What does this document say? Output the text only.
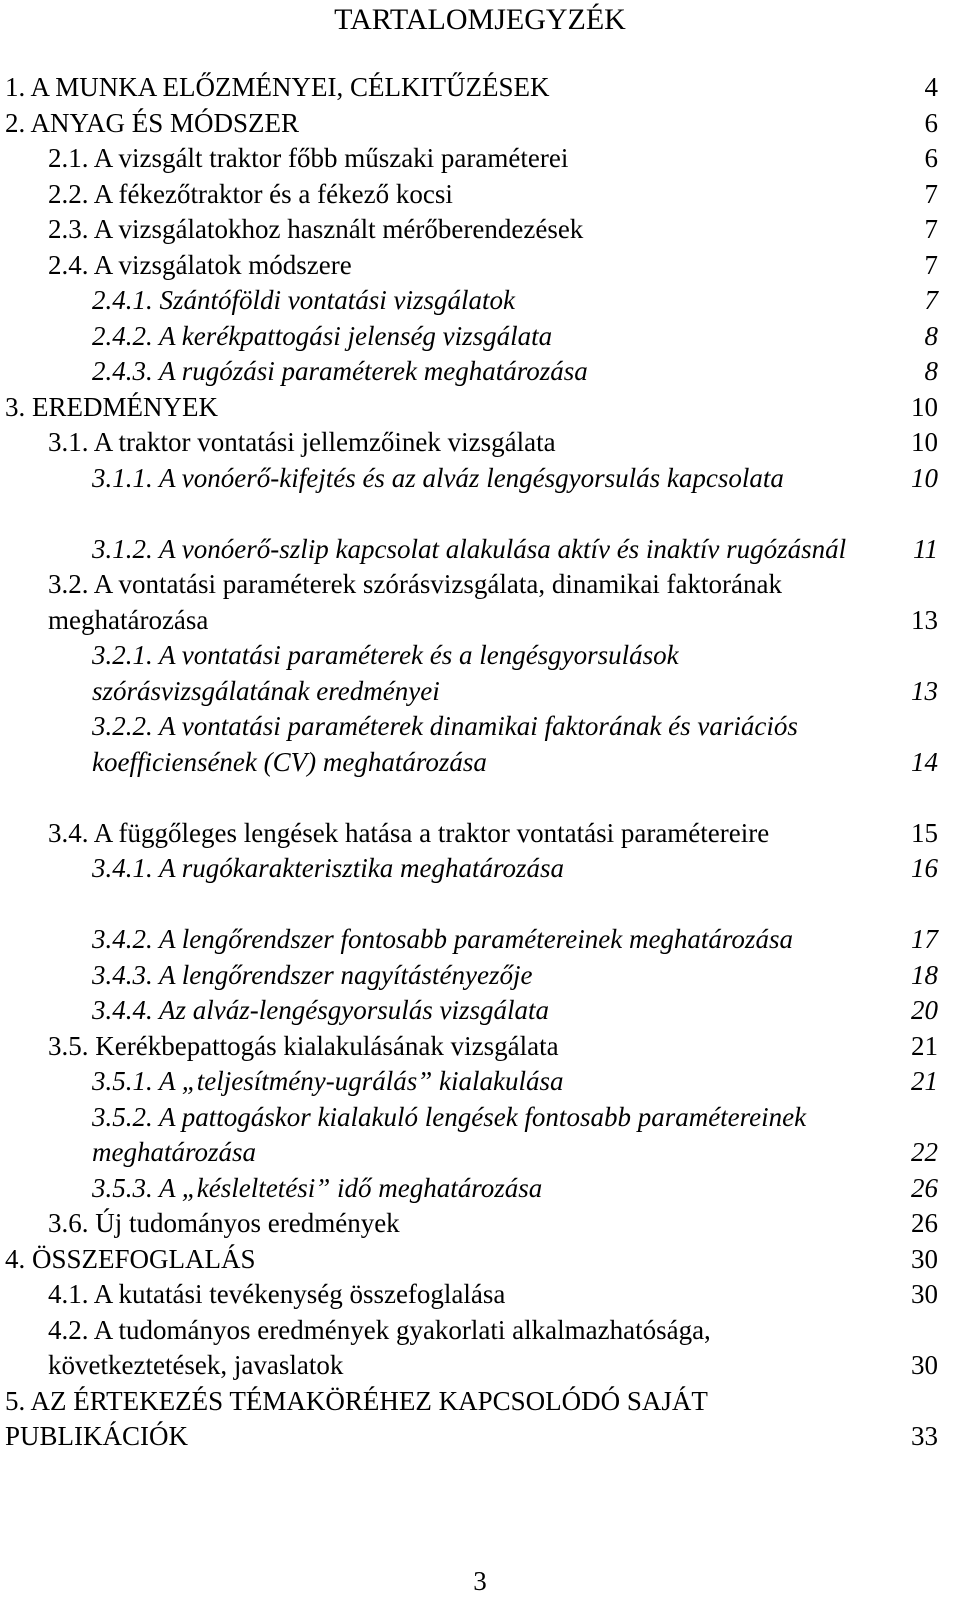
TARTALOMJEGYZÉK
1. A MUNKA ELŐZMÉNYEI, CÉLKITŰZÉSEK	4
2. ANYAG ÉS MÓDSZER	6
2.1. A vizsgált traktor főbb műszaki paraméterei	6
2.2. A fékezőtraktor és a fékező kocsi	7
2.3. A vizsgálatokhoz használt mérőberendezések	7
2.4. A vizsgálatok módszere	7
2.4.1. Szántóföldi vontatási vizsgálatok	7
2.4.2. A kerékpattogási jelenség vizsgálata	8
2.4.3. A rugózási paraméterek meghatározása	8
3. EREDMÉNYEK	10
3.1. A traktor vontatási jellemzőinek vizsgálata	10
3.1.1. A vonóerő-kifejtés és az alváz lengésgyorsulás kapcsolata	10
3.1.2. A vonóerő-szlip kapcsolat alakulása aktív és inaktív rugózásnál	11
3.2. A vontatási paraméterek szórásvizsgálata, dinamikai faktorának meghatározása	13
3.2.1. A vontatási paraméterek és a lengésgyorsulások szórásvizsgálatának eredményei	13
3.2.2. A vontatási paraméterek dinamikai faktorának és variációs koefficiensének (CV) meghatározása	14
3.4. A függőleges lengések hatása a traktor vontatási paramétereire	15
3.4.1. A rugókarakterisztika meghatározása	16
3.4.2. A lengőrendszer fontosabb paramétereinek meghatározása	17
3.4.3. A lengőrendszer nagyítástényezője	18
3.4.4. Az alváz-lengésgyorsulás vizsgálata	20
3.5. Kerékbepattogás kialakulásának vizsgálata	21
3.5.1. A „teljesítmény-ugrálás” kialakulása	21
3.5.2. A pattogáskor kialakuló lengések fontosabb paramétereinek meghatározása	22
3.5.3. A „késleltetési” idő meghatározása	26
3.6. Új tudományos eredmények	26
4. ÖSSZEFOGLALÁS	30
4.1. A kutatási tevékenység összefoglalása	30
4.2. A tudományos eredmények gyakorlati alkalmazhatósága, következtetések, javaslatok	30
5. AZ ÉRTEKEZÉS TÉMAKÖRÉHEZ KAPCSOLÓDÓ SAJÁT PUBLIKÁCIÓK	33
3
